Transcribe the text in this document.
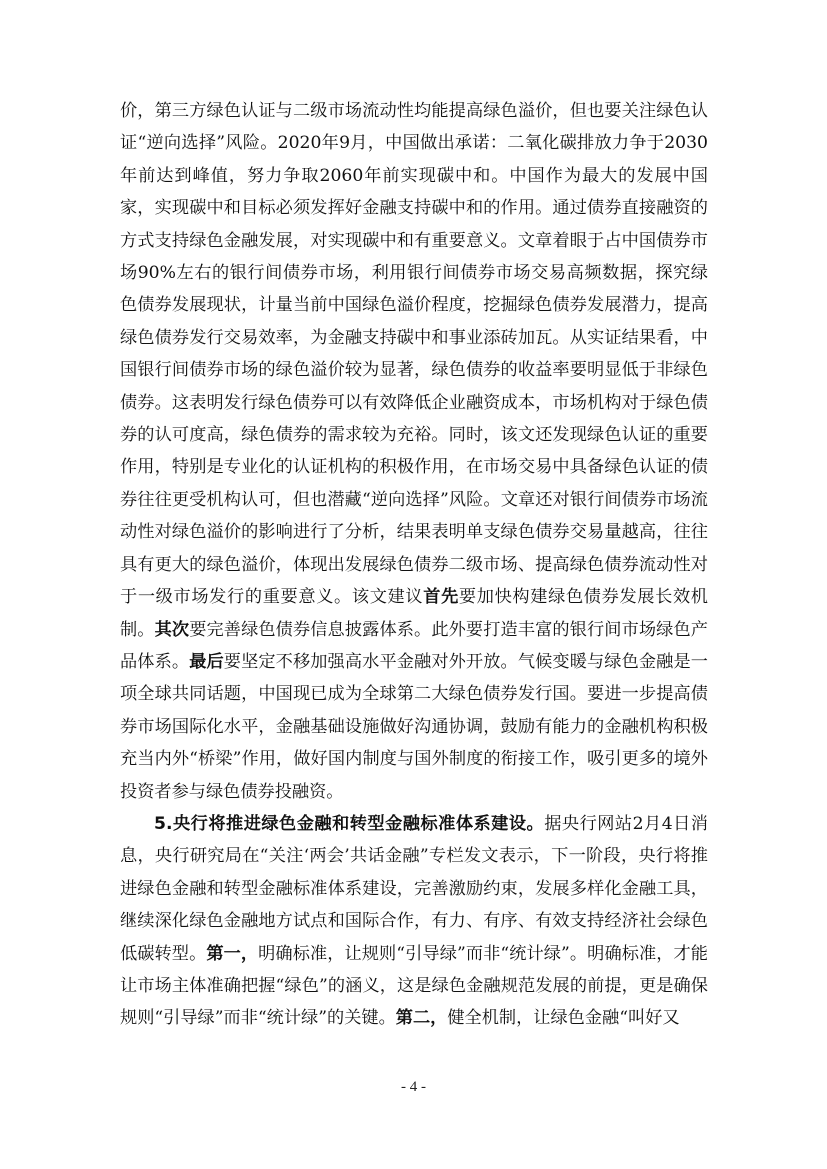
价，第三方绿色认证与二级市场流动性均能提高绿色溢价，但也要关注绿色认证“逆向选择”风险。2020年9月，中国做出承诺：二氧化碳排放力争于2030年前达到峰值，努力争取2060年前实现碳中和。中国作为最大的发展中国家，实现碳中和目标必须发挥好金融支持碳中和的作用。通过债券直接融资的方式支持绿色金融发展，对实现碳中和有重要意义。文章着眼于占中国债券市场90%左右的银行间债券市场，利用银行间债券市场交易高频数据，探究绿色债券发展现状，计量当前中国绿色溢价程度，挖掘绿色债券发展潜力，提高绿色债券发行交易效率，为金融支持碳中和事业添砖加瓦。从实证结果看，中国银行间债券市场的绿色溢价较为显著，绿色债券的收益率要明显低于非绿色债券。这表明发行绿色债券可以有效降低企业融资成本，市场机构对于绿色债券的认可度高，绿色债券的需求较为充裕。同时，该文还发现绿色认证的重要作用，特别是专业化的认证机构的积极作用，在市场交易中具备绿色认证的债券往往更受机构认可，但也潜藏“逆向选择”风险。文章还对银行间债券市场流动性对绿色溢价的影响进行了分析，结果表明单支绿色债券交易量越高，往往具有更大的绿色溢价，体现出发展绿色债券二级市场、提高绿色债券流动性对于一级市场发行的重要意义。该文建议首先要加快构建绿色债券发展长效机制。其次要完善绿色债券信息披露体系。此外要打造丰富的银行间市场绿色产品体系。最后要坚定不移加强高水平金融对外开放。气候变暖与绿色金融是一项全球共同话题，中国现已成为全球第二大绿色债券发行国。要进一步提高债券市场国际化水平，金融基础设施做好沟通协调，鼓励有能力的金融机构积极充当内外“桥梁”作用，做好国内制度与国外制度的衔接工作，吸引更多的境外投资者参与绿色债券投融资。

5.央行将推进绿色金融和转型金融标准体系建设。据央行网站2月4日消息，央行研究局在“关注‘两会’共话金融”专栏发文表示，下一阶段，央行将推进绿色金融和转型金融标准体系建设，完善激励约束，发展多样化金融工具，继续深化绿色金融地方试点和国际合作，有力、有序、有效支持经济社会绿色低碳转型。第一，明确标准，让规则“引导绿”而非“统计绿”。明确标准，才能让市场主体准确把握“绿色”的涵义，这是绿色金融规范发展的前提，更是确保规则“引导绿”而非“统计绿”的关键。第二，健全机制，让绿色金融“叫好又

- 4 -
